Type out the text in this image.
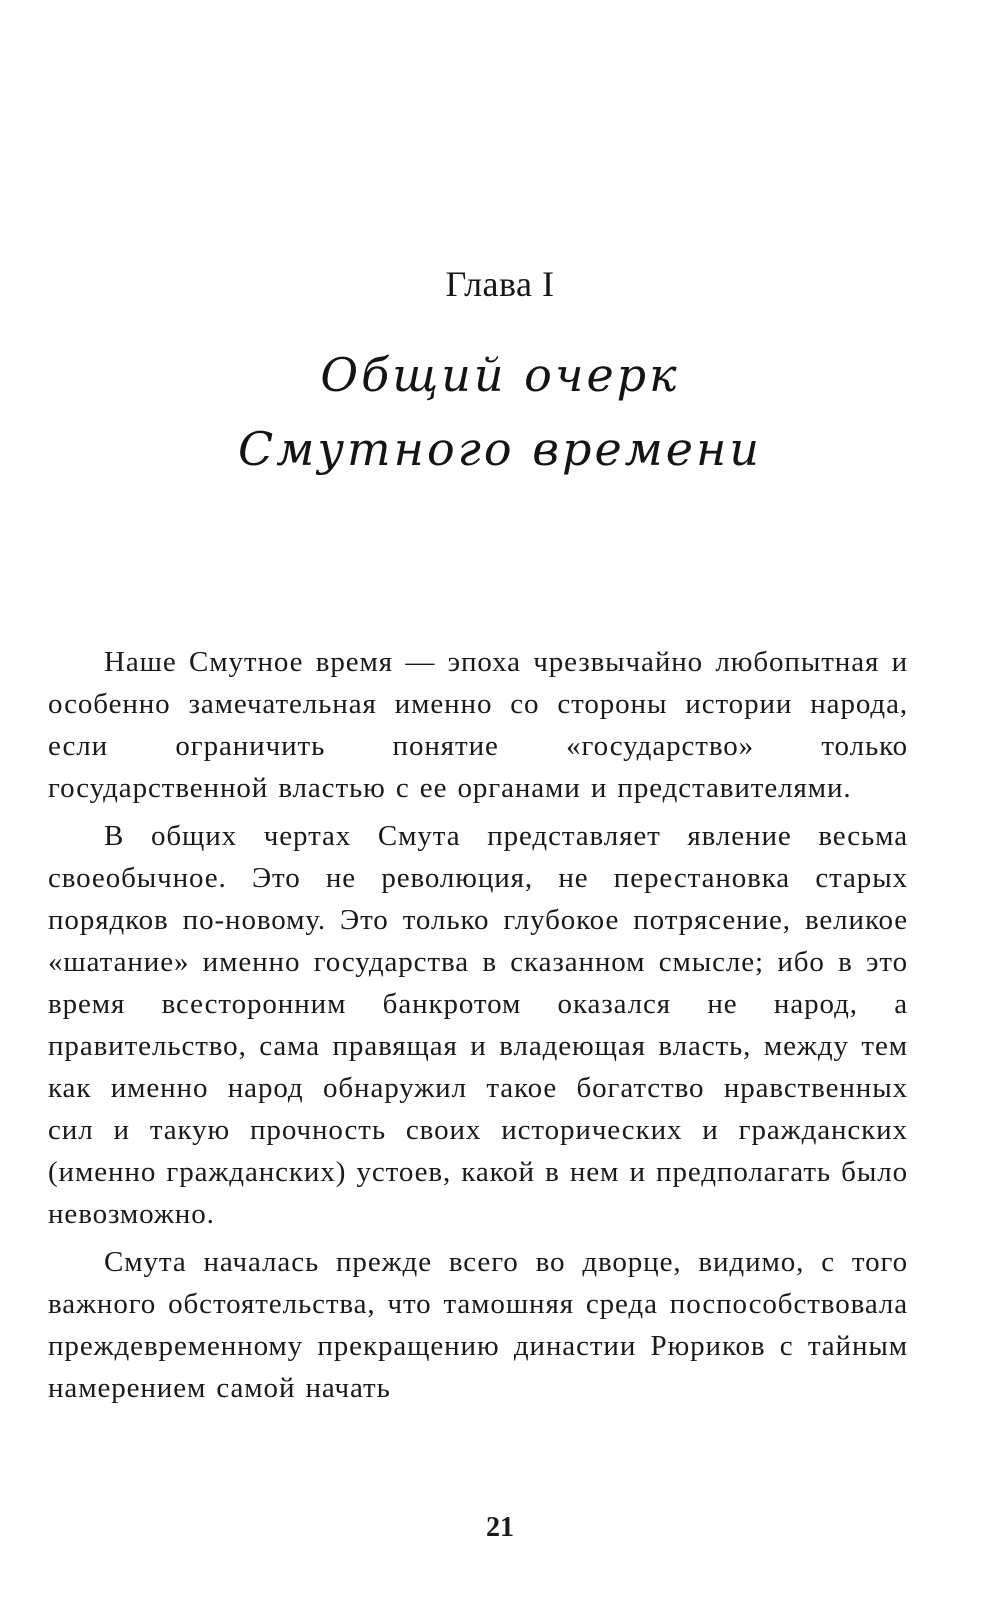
Глава I
Общий очерк
Смутного времени

Наше Смутное время — эпоха чрезвычайно любопытная и особенно замечательная именно со стороны истории народа, если ограничить понятие «государство» только государственной властью с ее органами и представителями.

В общих чертах Смута представляет явление весьма своеобычное. Это не революция, не перестановка старых порядков по-новому. Это только глубокое потрясение, великое «шатание» именно государства в сказанном смысле; ибо в это время всесторонним банкротом оказался не народ, а правительство, сама правящая и владеющая власть, между тем как именно народ обнаружил такое богатство нравственных сил и такую прочность своих исторических и гражданских (именно гражданских) устоев, какой в нем и предполагать было невозможно.

Смута началась прежде всего во дворце, видимо, с того важного обстоятельства, что тамошняя среда поспособствовала преждевременному прекращению династии Рюриков с тайным намерением самой начать

21
